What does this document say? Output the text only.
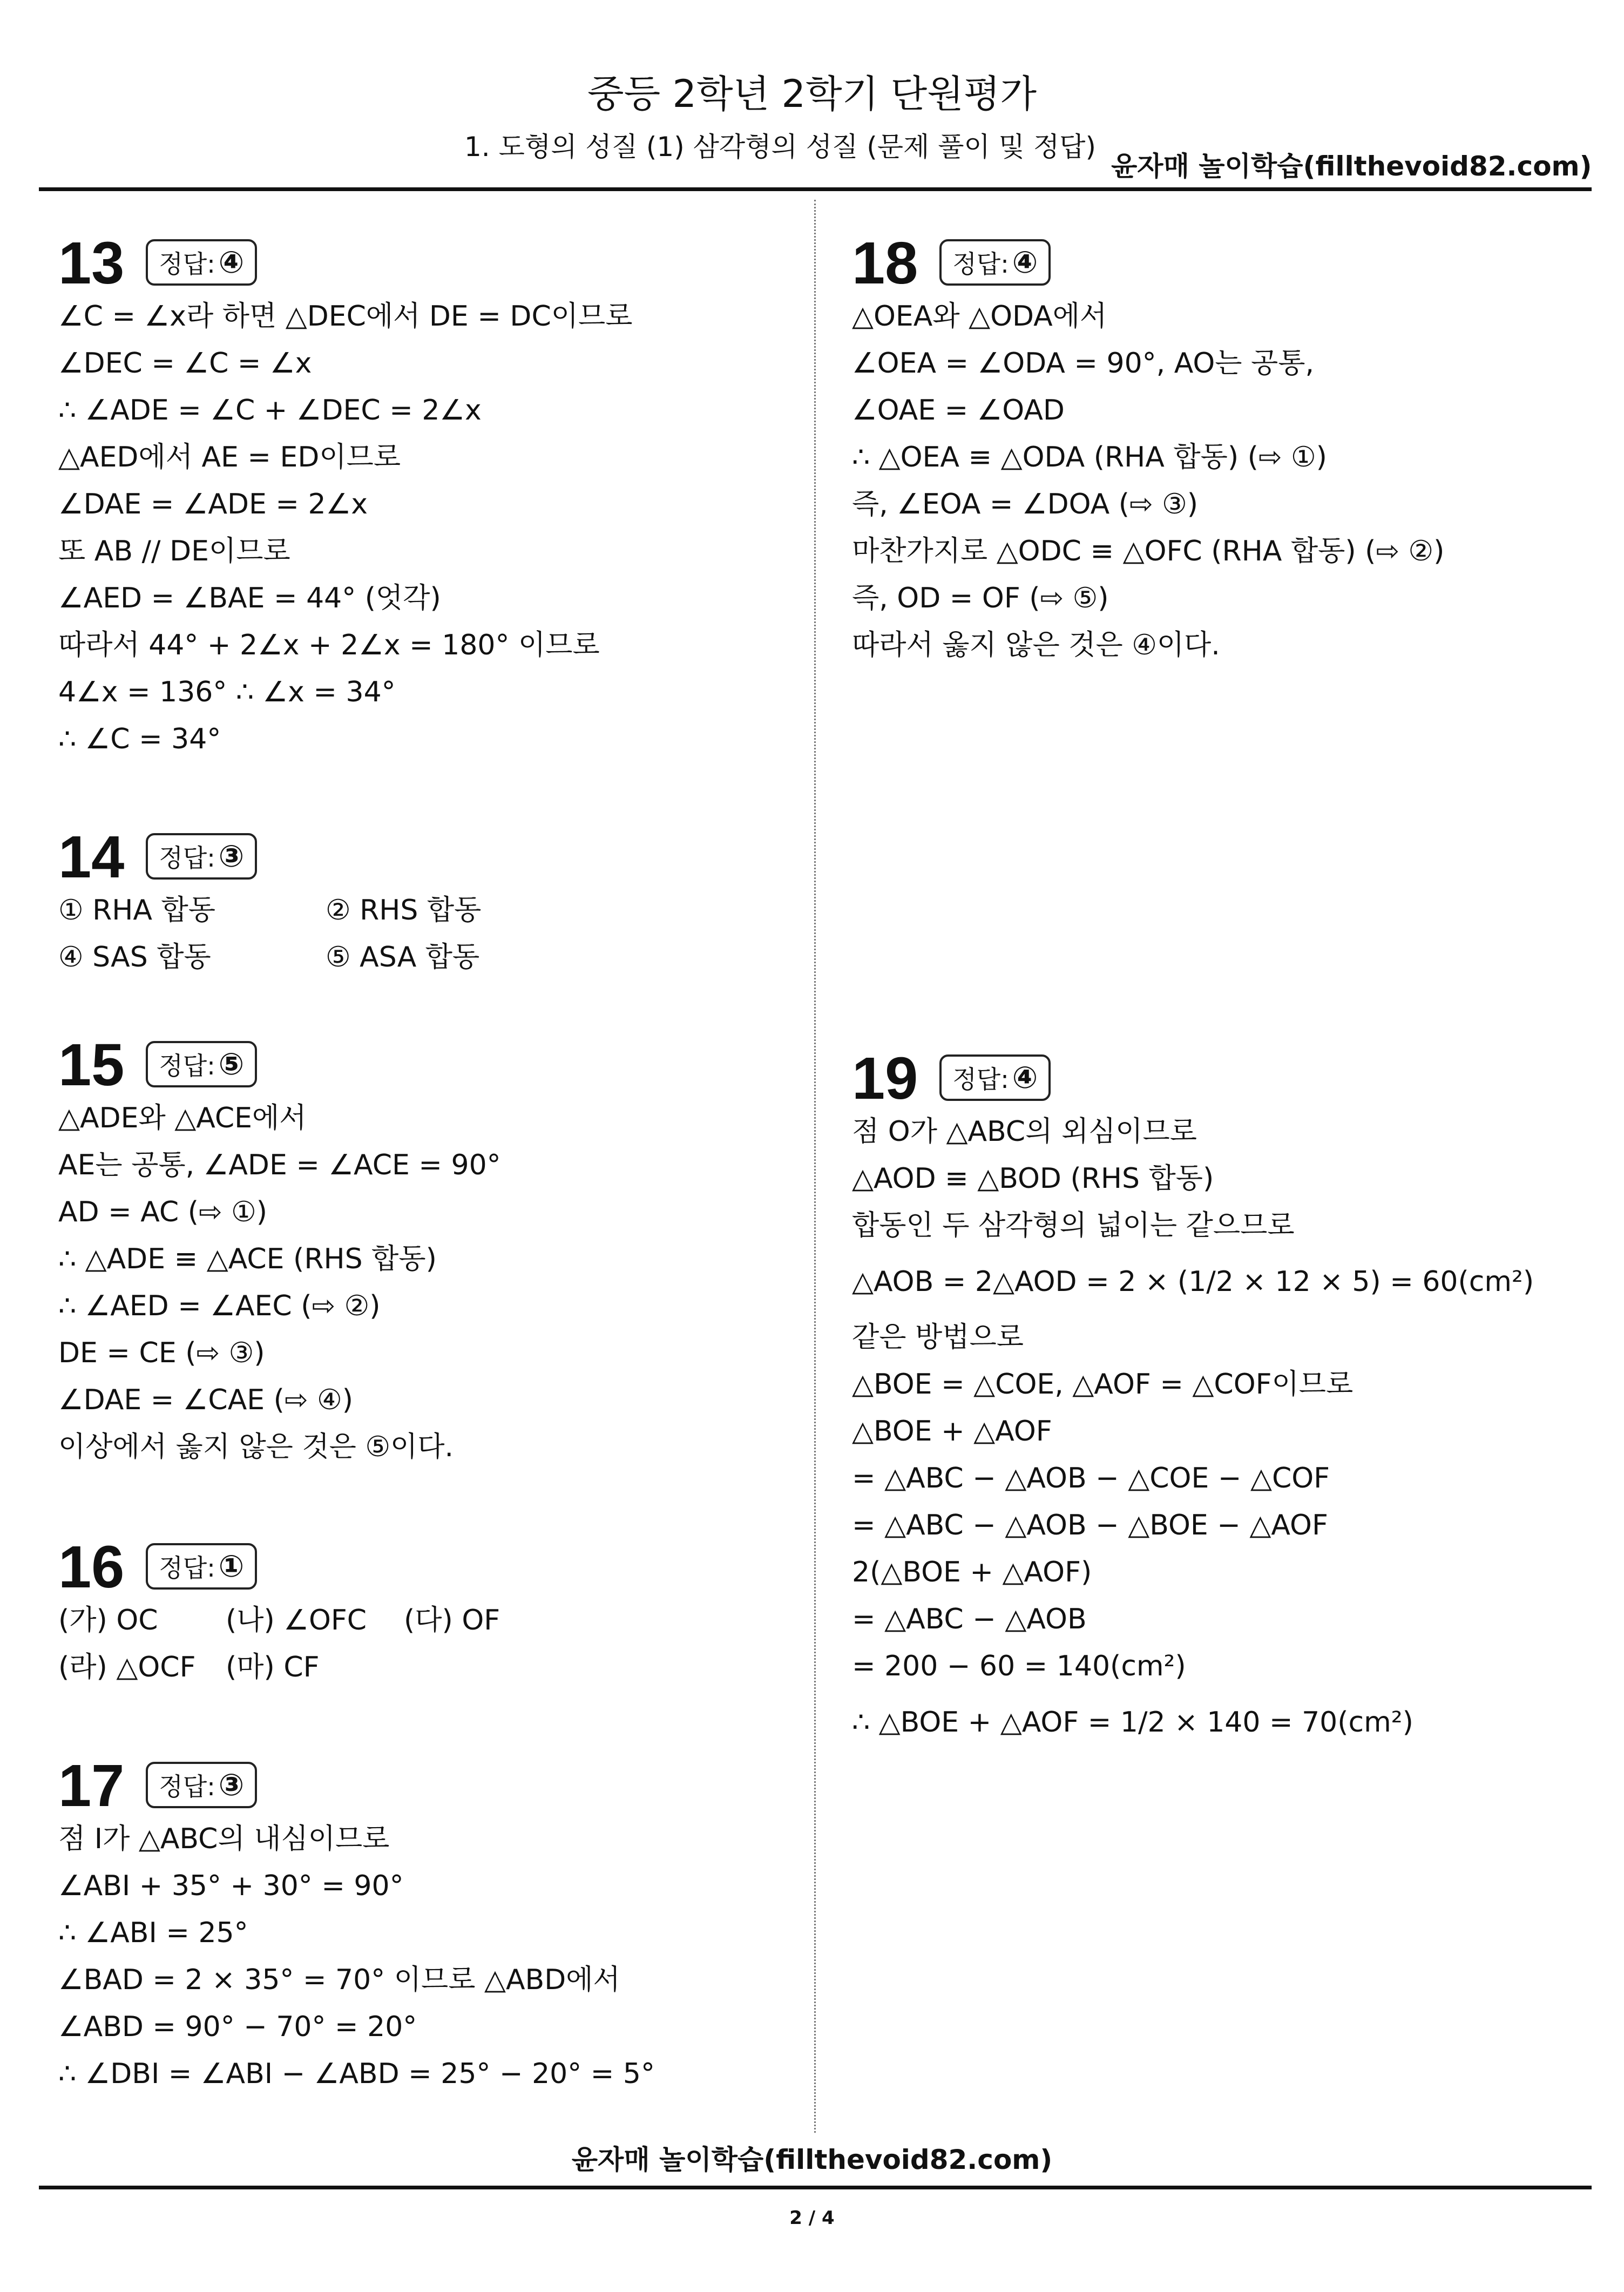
중등 2학년 2학기 단원평가
1. 도형의 성질 (1) 삼각형의 성질 (문제 풀이 및 정답)
윤자매 놀이학습(fillthevoid82.com)
13 정답 : ④
∠C = ∠x라 하면 △DEC에서 DE = DC이므로
∠DEC = ∠C = ∠x
∴ ∠ADE = ∠C + ∠DEC = 2∠x
△AED에서 AE = ED이므로
∠DAE = ∠ADE = 2∠x
또 AB // DE이므로
∠AED = ∠BAE = 44° (엇각)
따라서 44° + 2∠x + 2∠x = 180° 이므로
4∠x = 136° ∴ ∠x = 34°
∴ ∠C = 34°
14 정답 : ③
① RHA 합동	② RHS 합동
④ SAS 합동	⑤ ASA 합동
15 정답 : ⑤
△ADE와 △ACE에서
AE는 공통, ∠ADE = ∠ACE = 90°
AD = AC (⇨ ①)
∴ △ADE ≡ △ACE (RHS 합동)
∴ ∠AED = ∠AEC (⇨ ②)
DE = CE (⇨ ③)
∠DAE = ∠CAE (⇨ ④)
이상에서 옳지 않은 것은 ⑤이다.
16 정답 : ①
(가) OC	(나) ∠OFC	(다) OF
(라) △OCF (마) CF
17 정답 : ③
점 I가 △ABC의 내심이므로
∠ABI + 35° + 30° = 90°
∴ ∠ABI = 25°
∠BAD = 2 × 35° = 70° 이므로 △ABD에서
∠ABD = 90° − 70° = 20°
∴ ∠DBI = ∠ABI − ∠ABD = 25° − 20° = 5°
18 정답 : ④
△OEA와 △ODA에서
∠OEA = ∠ODA = 90°, AO는 공통,
∠OAE = ∠OAD
∴ △OEA ≡ △ODA (RHA 합동) (⇨ ①)
즉, ∠EOA = ∠DOA (⇨ ③)
마찬가지로 △ODC ≡ △OFC (RHA 합동) (⇨ ②)
즉, OD = OF (⇨ ⑤)
따라서 옳지 않은 것은 ④이다.
19 정답 : ④
점 O가 △ABC의 외심이므로
△AOD ≡ △BOD (RHS 합동)
합동인 두 삼각형의 넓이는 같으므로
△AOB = 2△AOD = 2 × (1/2 × 12 × 5) = 60(cm²)
같은 방법으로
△BOE = △COE, △AOF = △COF이므로
△BOE + △AOF
= △ABC − △AOB − △COE − △COF
= △ABC − △AOB − △BOE − △AOF
2(△BOE + △AOF)
= △ABC − △AOB
= 200 − 60 = 140(cm²)
∴ △BOE + △AOF = 1/2 × 140 = 70(cm²)
윤자매 놀이학습(fillthevoid82.com)
2 / 4
